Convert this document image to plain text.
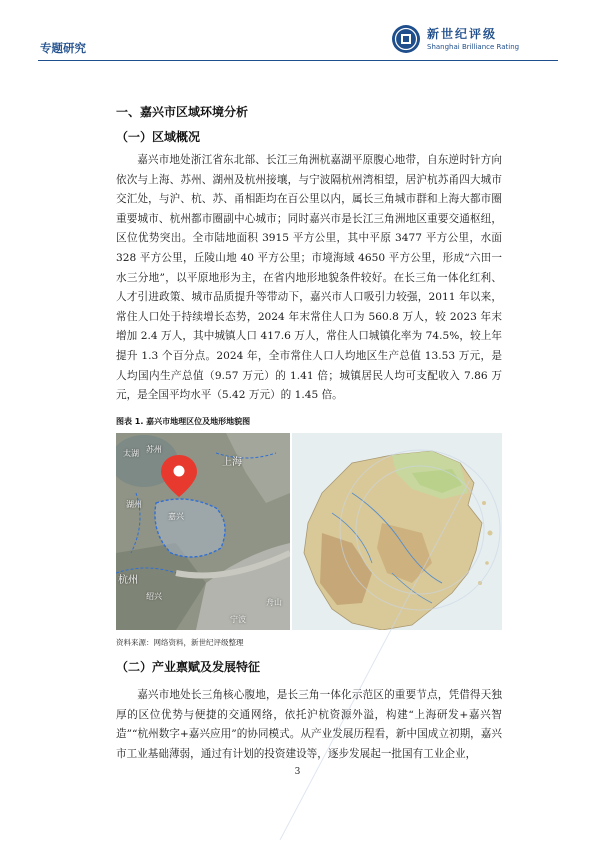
专题研究
新世纪评级
Shanghai Brilliance Rating
一、嘉兴市区域环境分析
（一）区域概况

嘉兴市地处浙江省东北部、长江三角洲杭嘉湖平原腹心地带，自东逆时针方向依次与上海、苏州、湖州及杭州接壤，与宁波隔杭州湾相望，居沪杭苏甬四大城市交汇处，与沪、杭、苏、甬相距均在百公里以内，属长三角城市群和上海大都市圈重要城市、杭州都市圈副中心城市；同时嘉兴市是长江三角洲地区重要交通枢纽，区位优势突出。全市陆地面积 3915 平方公里，其中平原 3477 平方公里，水面 328 平方公里，丘陵山地 40 平方公里；市境海域 4650 平方公里，形成“六田一水三分地”，以平原地形为主，在省内地形地貌条件较好。在长三角一体化红利、人才引进政策、城市品质提升等带动下，嘉兴市人口吸引力较强，2011 年以来，常住人口处于持续增长态势，2024 年末常住人口为 560.8 万人，较 2023 年末增加 2.4 万人，其中城镇人口 417.6 万人，常住人口城镇化率为 74.5%，较上年提升 1.3 个百分点。2024 年，全市常住人口人均地区生产总值 13.53 万元，是人均国内生产总值（9.57 万元）的 1.41 倍；城镇居民人均可支配收入 7.86 万元，是全国平均水平（5.42 万元）的 1.45 倍。

图表 1. 嘉兴市地理区位及地形地貌图
太湖 苏州
上海
湖州
嘉兴
杭州
绍兴
宁波
舟山
资料来源：网络资料，新世纪评级整理
（二）产业禀赋及发展特征

嘉兴市地处长三角核心腹地，是长三角一体化示范区的重要节点，凭借得天独厚的区位优势与便捷的交通网络，依托沪杭资源外溢，构建“上海研发+嘉兴智造”“杭州数字+嘉兴应用”的协同模式。从产业发展历程看，新中国成立初期，嘉兴市工业基础薄弱，通过有计划的投资建设等，逐步发展起一批国有工业企业，

3
